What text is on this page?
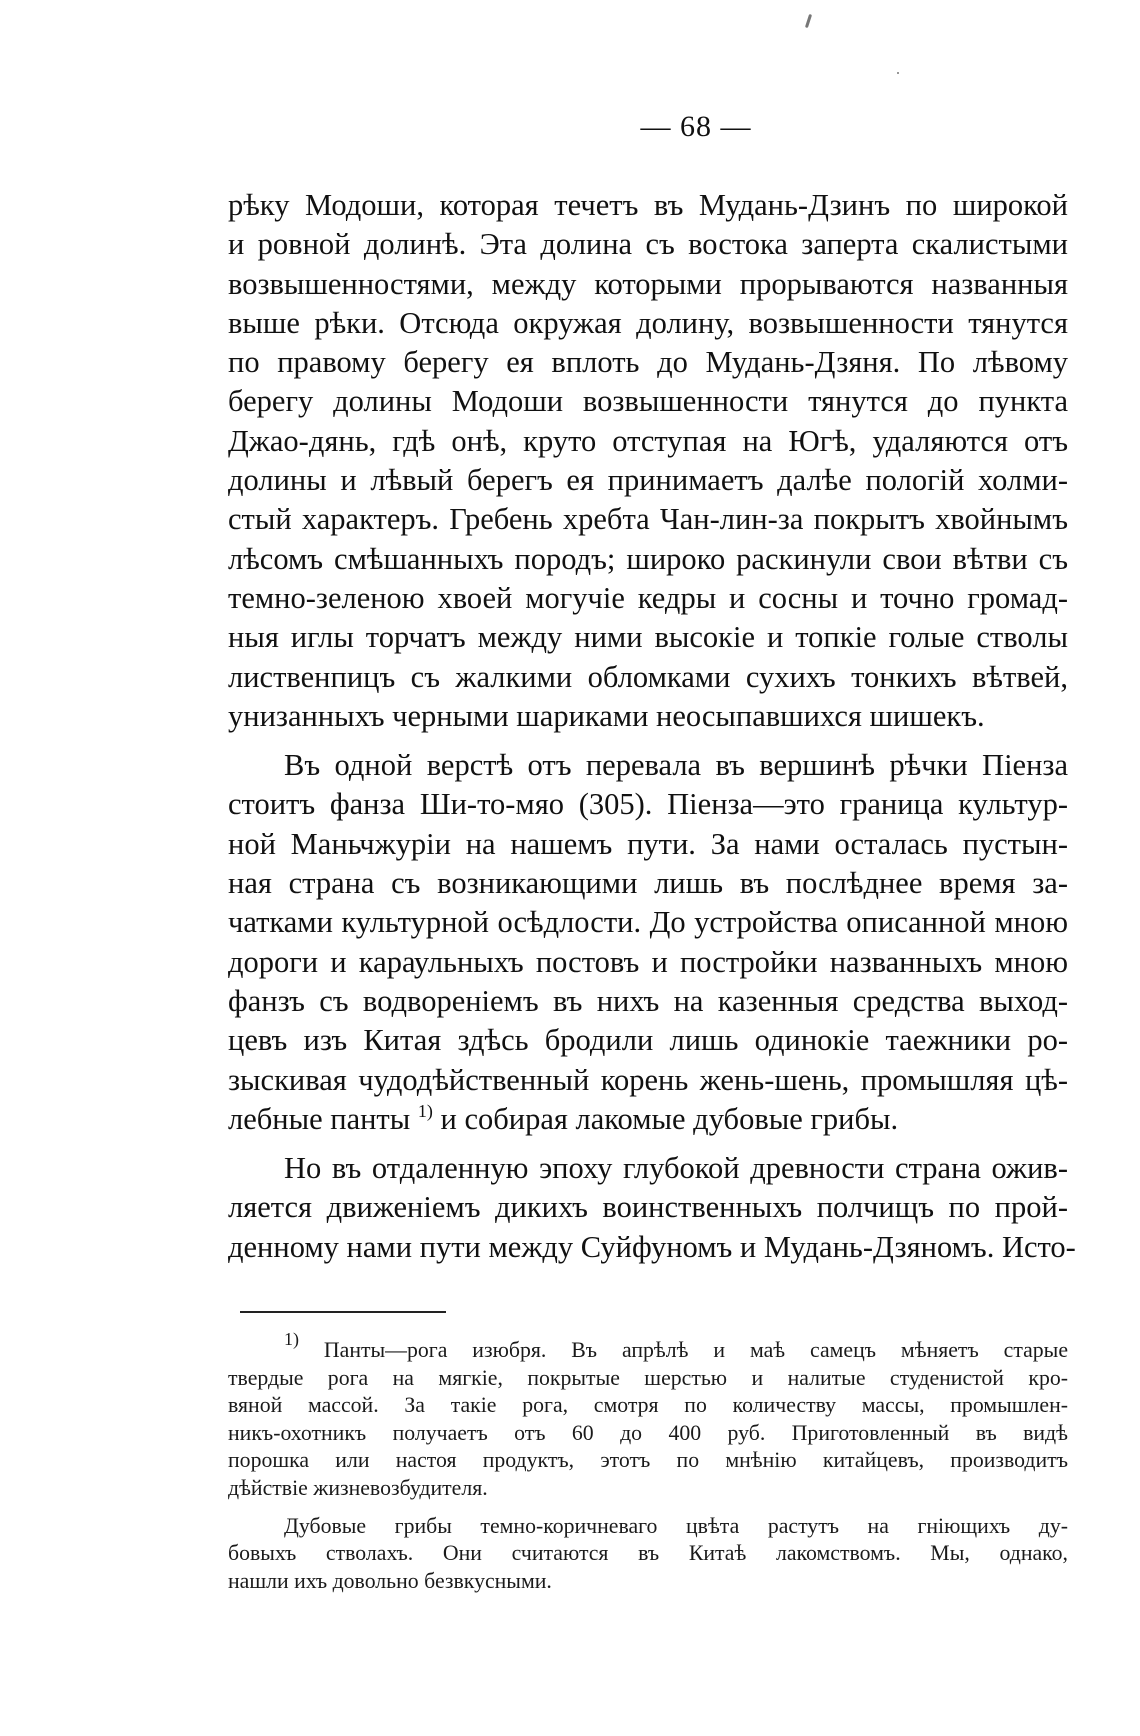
— 68 —
рѣку Модоши, которая течетъ въ Мудань-Дзинъ по широкой
и ровной долинѣ. Эта долина съ востока заперта скалистыми
возвышенностями, между которыми прорываются названныя
выше рѣки. Отсюда окружая долину, возвышенности тянутся
по правому берегу ея вплоть до Мудань-Дзяня. По лѣвому
берегу долины Модоши возвышенности тянутся до пункта
Джао-дянь, гдѣ онѣ, круто отступая на Югѣ, удаляются отъ
долины и лѣвый берегъ ея принимаетъ далѣе пологій холми-
стый характеръ. Гребень хребта Чан-лин-за покрытъ хвойнымъ
лѣсомъ смѣшанныхъ породъ; широко раскинули свои вѣтви съ
темно-зеленою хвоей могучіе кедры и сосны и точно громад-
ныя иглы торчатъ между ними высокіе и топкіе голые стволы
лиственпицъ съ жалкими обломками сухихъ тонкихъ вѣтвей,
унизанныхъ черными шариками неосыпавшихся шишекъ.
Въ одной верстѣ отъ перевала въ вершинѣ рѣчки Піенза
стоитъ фанза Ши-то-мяо (305). Піенза—это граница культур-
ной Маньчжуріи на нашемъ пути. За нами осталась пустын-
ная страна съ возникающими лишь въ послѣднее время за-
чатками культурной осѣдлости. До устройства описанной мною
дороги и караульныхъ постовъ и постройки названныхъ мною
фанзъ съ водвореніемъ въ нихъ на казенныя средства выход-
цевъ изъ Китая здѣсь бродили лишь одинокіе таежники ро-
зыскивая чудодѣйственный корень жень-шень, промышляя цѣ-
лебные панты $^{1)}$ и собирая лакомые дубовые грибы.
Но въ отдаленную эпоху глубокой древности страна ожив-
ляется движеніемъ дикихъ воинственныхъ полчищъ по прой-
денному нами пути между Суйфуномъ и Мудань-Дзяномъ. Исто-
$^{1)}$ Панты—рога изюбря. Въ апрѣлѣ и маѣ самецъ мѣняетъ старые
твердые рога на мягкіе, покрытые шерстью и налитые студенистой кро-
вяной массой. За такіе рога, смотря по количеству массы, промышлен-
никъ-охотникъ получаетъ отъ 60 до 400 руб. Приготовленный въ видѣ
порошка или настоя продуктъ, этотъ по мнѣнію китайцевъ, производитъ
дѣйствіе жизневозбудителя.
Дубовые грибы темно-коричневаго цвѣта растутъ на гніющихъ ду-
бовыхъ стволахъ. Они считаются въ Китаѣ лакомствомъ. Мы, однако,
нашли ихъ довольно безвкусными.
